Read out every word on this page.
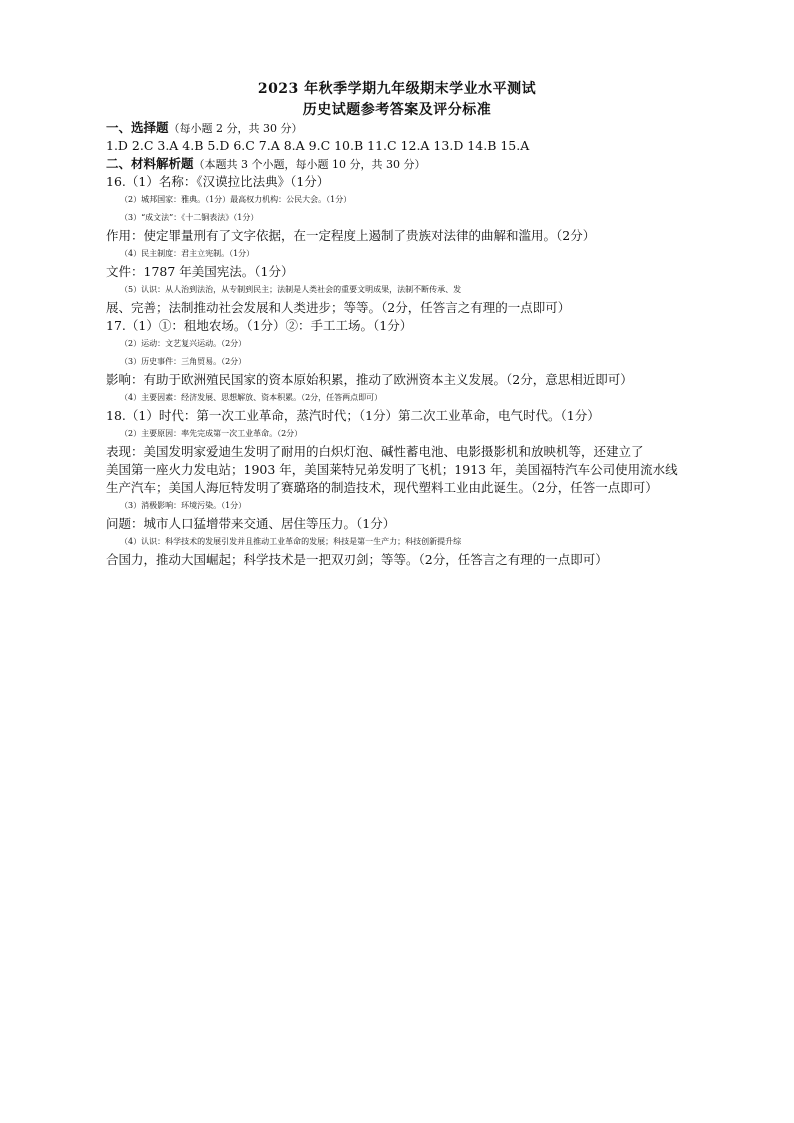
2023 年秋季学期九年级期末学业水平测试
历史试题参考答案及评分标准
一、选择题（每小题 2 分，共 30 分）
1.D 2.C 3.A 4.B 5.D 6.C 7.A 8.A 9.C 10.B 11.C 12.A 13.D 14.B 15.A
二、材料解析题（本题共 3 个小题，每小题 10 分，共 30 分）
16.（1）名称：《汉谟拉比法典》（1分）
（2）城邦国家：雅典。（1分）最高权力机构：公民大会。（1分）
（3）“成文法”：《十二铜表法》（1分）
作用：使定罪量刑有了文字依据，在一定程度上遏制了贵族对法律的曲解和滥用。（2分）
（4）民主制度：君主立宪制。（1分）
文件：1787 年美国宪法。（1分）
（5）认识：从人治到法治，从专制到民主；法制是人类社会的重要文明成果，法制不断传承、发
展、完善；法制推动社会发展和人类进步；等等。（2分，任答言之有理的一点即可）
17.（1）①：租地农场。（1分）②：手工工场。（1分）
（2）运动：文艺复兴运动。（2分）
（3）历史事件：三角贸易。（2分）
影响：有助于欧洲殖民国家的资本原始积累，推动了欧洲资本主义发展。（2分，意思相近即可）
（4）主要因素：经济发展、思想解放、资本积累。（2分，任答两点即可）
18.（1）时代：第一次工业革命，蒸汽时代；（1分）第二次工业革命，电气时代。（1分）
（2）主要原因：率先完成第一次工业革命。（2分）
表现：美国发明家爱迪生发明了耐用的白炽灯泡、碱性蓄电池、电影摄影机和放映机等，还建立了
美国第一座火力发电站；1903 年，美国莱特兄弟发明了飞机；1913 年，美国福特汽车公司使用流水线
生产汽车；美国人海厄特发明了赛璐珞的制造技术，现代塑料工业由此诞生。（2分，任答一点即可）
（3）消极影响：环境污染。（1分）
问题：城市人口猛增带来交通、居住等压力。（1分）
（4）认识：科学技术的发展引发并且推动工业革命的发展；科技是第一生产力；科技创新提升综
合国力，推动大国崛起；科学技术是一把双刃剑；等等。（2分，任答言之有理的一点即可）
